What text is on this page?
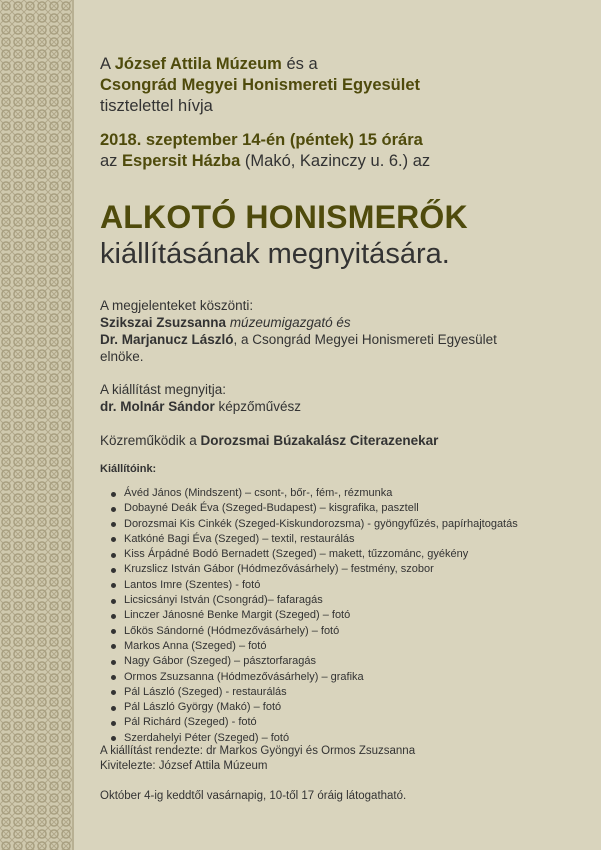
A József Attila Múzeum és a
Csongrád Megyei Honismereti Egyesület
tisztelettel hívja
2018. szeptember 14-én (péntek) 15 órára
az Espersit Házba (Makó, Kazinczy u. 6.) az
ALKOTÓ HONISMERŐK
kiállításának megnyitására.
A megjelenteket köszönti:
Szikszai Zsuzsanna múzeumigazgató és
Dr. Marjanucz László, a Csongrád Megyei Honismereti Egyesület
elnöke.
A kiállítást megnyitja:
dr. Molnár Sándor képzőművész
Közreműködik a Dorozsmai Búzakalász Citerazenekar
Kiállítóink:
Ávéd János (Mindszent) – csont-, bőr-, fém-, rézmunka
Dobayné Deák Éva (Szeged-Budapest) – kisgrafika, pasztell
Dorozsmai Kis Cinkék (Szeged-Kiskundorozsma) - gyöngyfűzés, papírhajtogatás
Katkóné Bagi Éva (Szeged) – textil, restaurálás
Kiss Árpádné Bodó Bernadett (Szeged) – makett, tűzzománc, gyékény
Kruzslicz István Gábor (Hódmezővásárhely) – festmény, szobor
Lantos Imre (Szentes) - fotó
Licsicsányi István (Csongrád)– fafaragás
Linczer Jánosné Benke Margit (Szeged) – fotó
Lőkös Sándorné (Hódmezővásárhely) – fotó
Markos Anna (Szeged) – fotó
Nagy Gábor (Szeged) – pásztorfaragás
Ormos Zsuzsanna (Hódmezővásárhely) – grafika
Pál László (Szeged) - restaurálás
Pál László György (Makó) – fotó
Pál Richárd (Szeged) - fotó
Szerdahelyi Péter (Szeged) – fotó
A kiállítást rendezte: dr Markos Gyöngyi és Ormos Zsuzsanna
Kivitelezte: József Attila Múzeum
Október 4-ig keddtől vasárnapig, 10-től 17 óráig látogatható.
